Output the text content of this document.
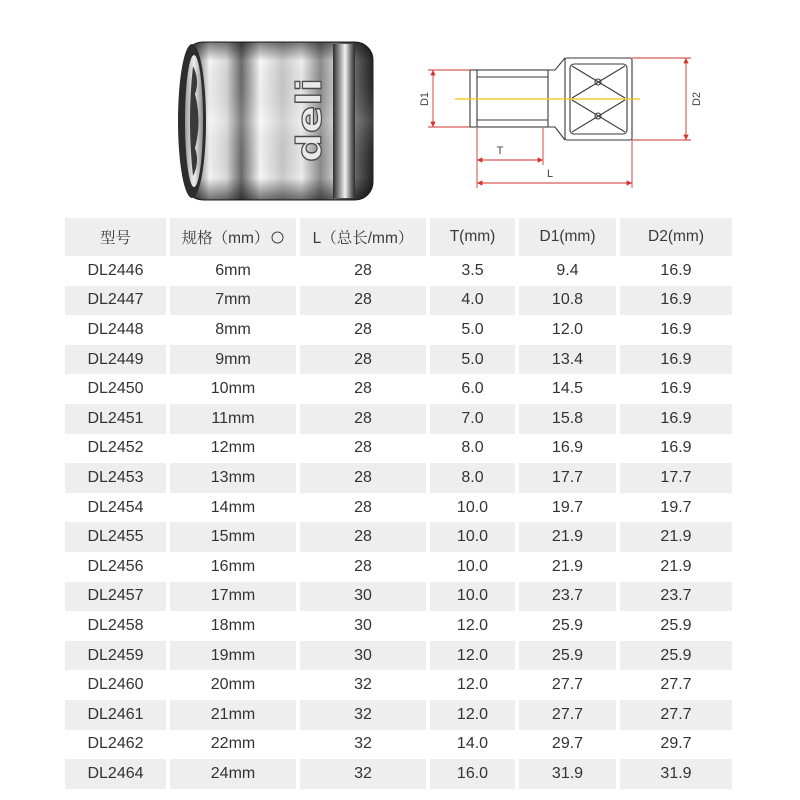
deli	D1	D2
T
L
型号	规格（mm）	L（总长/mm）	T(mm)	D1(mm)	D2(mm)
DL2446	6mm	28	3.5	9.4	16.9
DL2447	7mm	28	4.0	10.8	16.9
DL2448	8mm	28	5.0	12.0	16.9
DL2449	9mm	28	5.0	13.4	16.9
DL2450	10mm	28	6.0	14.5	16.9
DL2451	11mm	28	7.0	15.8	16.9
DL2452	12mm	28	8.0	16.9	16.9
DL2453	13mm	28	8.0	17.7	17.7
DL2454	14mm	28	10.0	19.7	19.7
DL2455	15mm	28	10.0	21.9	21.9
DL2456	16mm	28	10.0	21.9	21.9
DL2457	17mm	30	10.0	23.7	23.7
DL2458	18mm	30	12.0	25.9	25.9
DL2459	19mm	30	12.0	25.9	25.9
DL2460	20mm	32	12.0	27.7	27.7
DL2461	21mm	32	12.0	27.7	27.7
DL2462	22mm	32	14.0	29.7	29.7
DL2464	24mm	32	16.0	31.9	31.9
